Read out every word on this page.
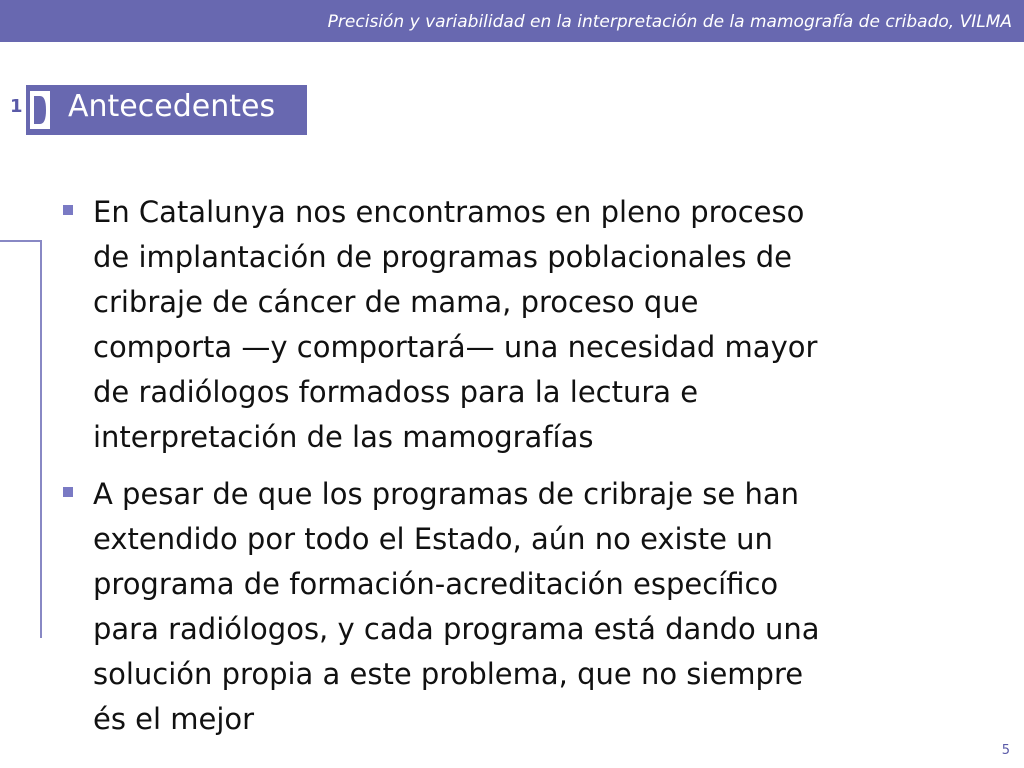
Precisión y variabilidad en la interpretación de la mamografía de cribado, VILMA
1 Antecedentes
En Catalunya nos encontramos en pleno proceso
de implantación de programas poblacionales de
cribraje de cáncer de mama, proceso que
comporta —y comportará— una necesidad mayor
de radiólogos formadoss para la lectura e
interpretación de las mamografías
A pesar de que los programas de cribraje se han
extendido por todo el Estado, aún no existe un
programa de formación-acreditación específico
para radiólogos, y cada programa está dando una
solución propia a este problema, que no siempre
és el mejor
5
